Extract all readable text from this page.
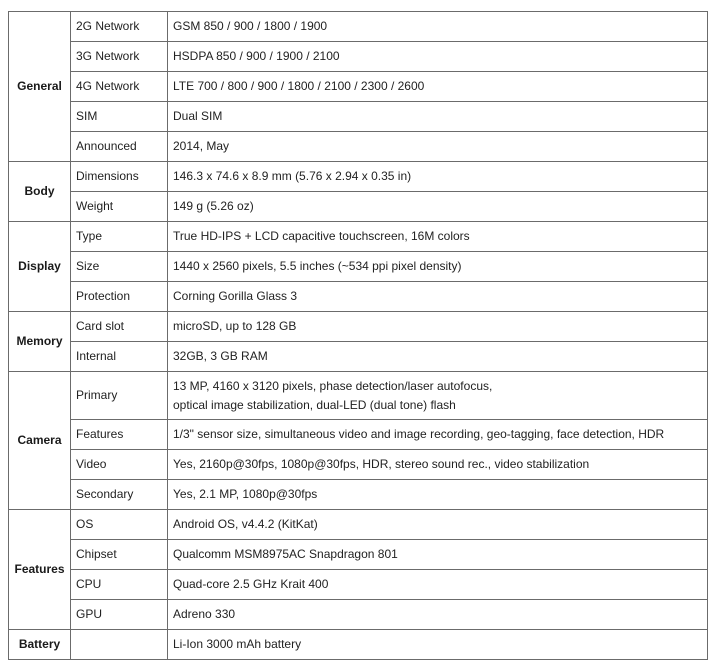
General	2G Network	GSM 850 / 900 / 1800 / 1900

	3G Network	HSDPA 850 / 900 / 1900 / 2100

	4G Network	LTE 700 / 800 / 900 / 1800 / 2100 / 2300 / 2600

	SIM	Dual SIM

	Announced	2014, May

Body	Dimensions	146.3 x 74.6 x 8.9 mm (5.76 x 2.94 x 0.35 in)

	Weight	149 g (5.26 oz)

Display	Type	True HD-IPS + LCD capacitive touchscreen, 16M colors

	Size	1440 x 2560 pixels, 5.5 inches (~534 ppi pixel density)

	Protection	Corning Gorilla Glass 3

Memory	Card slot	microSD, up to 128 GB

	Internal	32GB, 3 GB RAM

Camera	Primary	13 MP, 4160 x 3120 pixels, phase detection/laser autofocus,
optical image stabilization, dual-LED (dual tone) flash

	Features	1/3" sensor size, simultaneous video and image recording, geo-tagging, face detection, HDR

	Video	Yes, 2160p@30fps, 1080p@30fps, HDR, stereo sound rec., video stabilization

	Secondary	Yes, 2.1 MP, 1080p@30fps

Features	OS	Android OS, v4.4.2 (KitKat)

	Chipset	Qualcomm MSM8975AC Snapdragon 801

	CPU	Quad-core 2.5 GHz Krait 400

	GPU	Adreno 330

Battery		Li-Ion 3000 mAh battery
